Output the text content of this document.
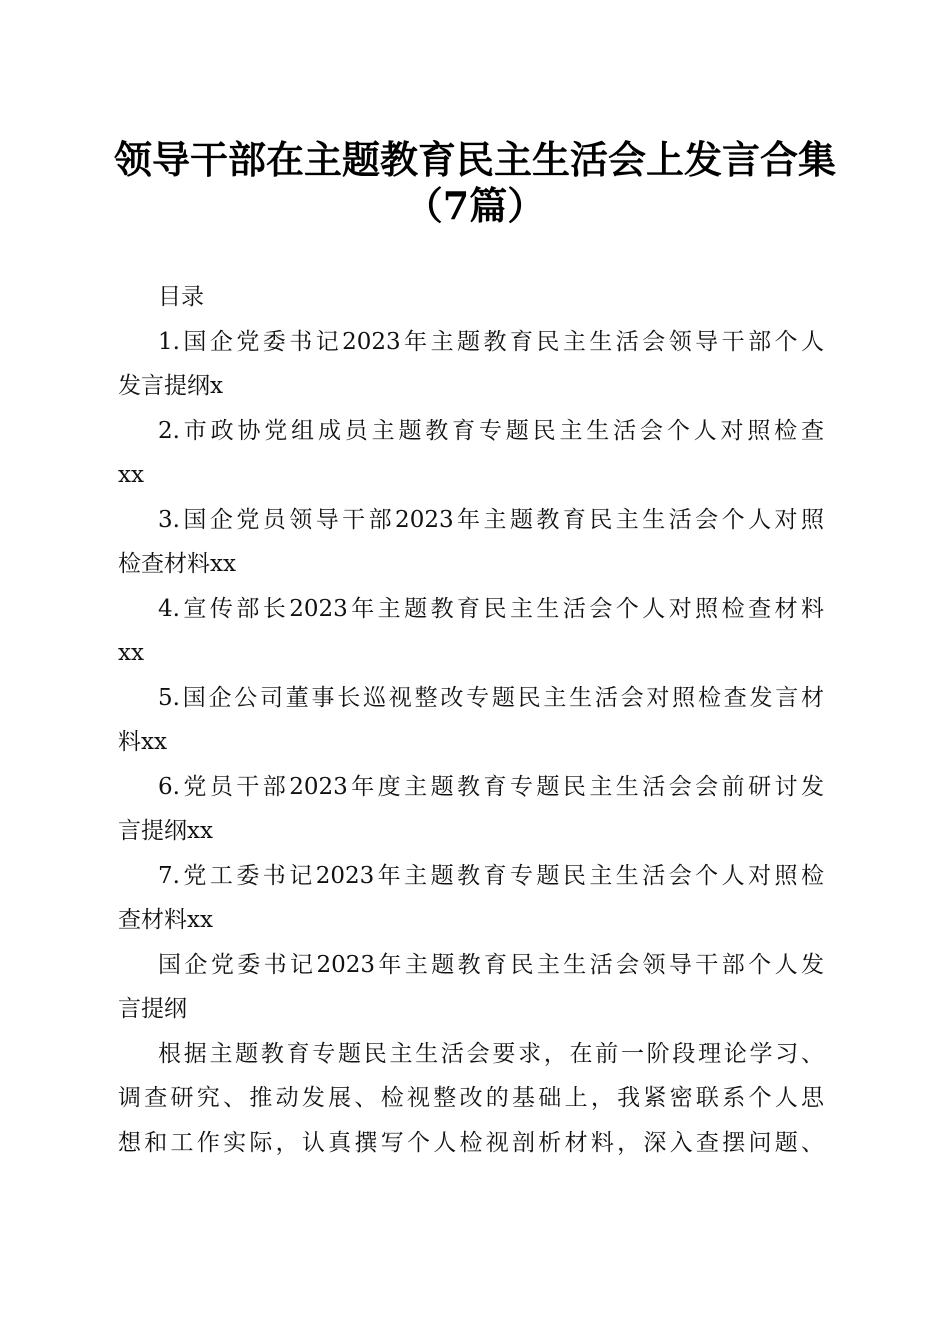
领导干部在主题教育民主生活会上发言合集
（7篇）
目录
1.国企党委书记2023年主题教育民主生活会领导干部个人
发言提纲x
2.市政协党组成员主题教育专题民主生活会个人对照检查
xx
3.国企党员领导干部2023年主题教育民主生活会个人对照
检查材料xx
4.宣传部长2023年主题教育民主生活会个人对照检查材料
xx
5.国企公司董事长巡视整改专题民主生活会对照检查发言材
料xx
6.党员干部2023年度主题教育专题民主生活会会前研讨发
言提纲xx
7.党工委书记2023年主题教育专题民主生活会个人对照检
查材料xx
国企党委书记2023年主题教育民主生活会领导干部个人发
言提纲
根据主题教育专题民主生活会要求，在前一阶段理论学习、
调查研究、推动发展、检视整改的基础上，我紧密联系个人思
想和工作实际，认真撰写个人检视剖析材料，深入查摆问题、
